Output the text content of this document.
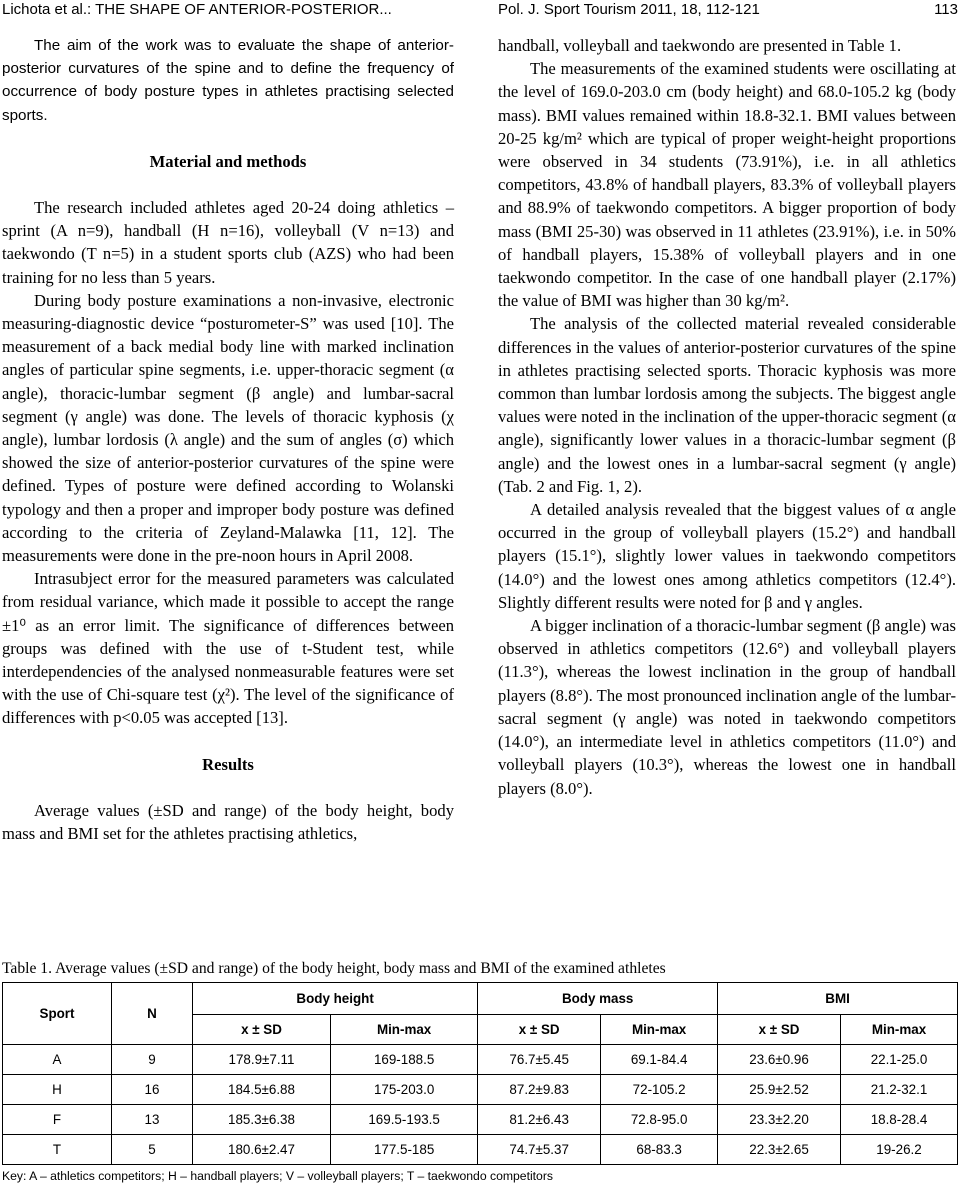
Lichota et al.: THE SHAPE OF ANTERIOR-POSTERIOR...	Pol. J. Sport Tourism 2011, 18, 112-121	113

The aim of the work was to evaluate the shape of anterior-posterior curvatures of the spine and to define the frequency of occurrence of body posture types in athletes practising selected sports.

Material and methods

The research included athletes aged 20-24 doing athletics – sprint (A n=9), handball (H n=16), volleyball (V n=13) and taekwondo (T n=5) in a student sports club (AZS) who had been training for no less than 5 years.

During body posture examinations a non-invasive, electronic measuring-diagnostic device “posturometer-S” was used [10]. The measurement of a back medial body line with marked inclination angles of particular spine segments, i.e. upper-thoracic segment (α angle), thoracic-lumbar segment (β angle) and lumbar-sacral segment (γ angle) was done. The levels of thoracic kyphosis (χ angle), lumbar lordosis (λ angle) and the sum of angles (σ) which showed the size of anterior-posterior curvatures of the spine were defined. Types of posture were defined according to Wolanski typology and then a proper and improper body posture was defined according to the criteria of Zeyland-Malawka [11, 12]. The measurements were done in the pre-noon hours in April 2008.

Intrasubject error for the measured parameters was calculated from residual variance, which made it possible to accept the range ±1⁰ as an error limit. The significance of differences between groups was defined with the use of t-Student test, while interdependencies of the analysed nonmeasurable features were set with the use of Chi-square test (χ²). The level of the significance of differences with p<0.05 was accepted [13].

Results

Average values (±SD and range) of the body height, body mass and BMI set for the athletes practising athletics,

handball, volleyball and taekwondo are presented in Table 1.

The measurements of the examined students were oscillating at the level of 169.0-203.0 cm (body height) and 68.0-105.2 kg (body mass). BMI values remained within 18.8-32.1. BMI values between 20-25 kg/m² which are typical of proper weight-height proportions were observed in 34 students (73.91%), i.e. in all athletics competitors, 43.8% of handball players, 83.3% of volleyball players and 88.9% of taekwondo competitors. A bigger proportion of body mass (BMI 25-30) was observed in 11 athletes (23.91%), i.e. in 50% of handball players, 15.38% of volleyball players and in one taekwondo competitor. In the case of one handball player (2.17%) the value of BMI was higher than 30 kg/m².

The analysis of the collected material revealed considerable differences in the values of anterior-posterior curvatures of the spine in athletes practising selected sports. Thoracic kyphosis was more common than lumbar lordosis among the subjects. The biggest angle values were noted in the inclination of the upper-thoracic segment (α angle), significantly lower values in a thoracic-lumbar segment (β angle) and the lowest ones in a lumbar-sacral segment (γ angle) (Tab. 2 and Fig. 1, 2).

A detailed analysis revealed that the biggest values of α angle occurred in the group of volleyball players (15.2°) and handball players (15.1°), slightly lower values in taekwondo competitors (14.0°) and the lowest ones among athletics competitors (12.4°). Slightly different results were noted for β and γ angles.

A bigger inclination of a thoracic-lumbar segment (β angle) was observed in athletics competitors (12.6°) and volleyball players (11.3°), whereas the lowest inclination in the group of handball players (8.8°). The most pronounced inclination angle of the lumbar-sacral segment (γ angle) was noted in taekwondo competitors (14.0°), an intermediate level in athletics competitors (11.0°) and volleyball players (10.3°), whereas the lowest one in handball players (8.0°).

Table 1. Average values (±SD and range) of the body height, body mass and BMI of the examined athletes
Sport	N	Body height		Body mass		BMI	
		x ± SD	Min-max	x ± SD	Min-max	x ± SD	Min-max
A	9	178.9±7.11	169-188.5	76.7±5.45	69.1-84.4	23.6±0.96	22.1-25.0
H	16	184.5±6.88	175-203.0	87.2±9.83	72-105.2	25.9±2.52	21.2-32.1
F	13	185.3±6.38	169.5-193.5	81.2±6.43	72.8-95.0	23.3±2.20	18.8-28.4
T	5	180.6±2.47	177.5-185	74.7±5.37	68-83.3	22.3±2.65	19-26.2
Key: A – athletics competitors; H – handball players; V – volleyball players; T – taekwondo competitors
